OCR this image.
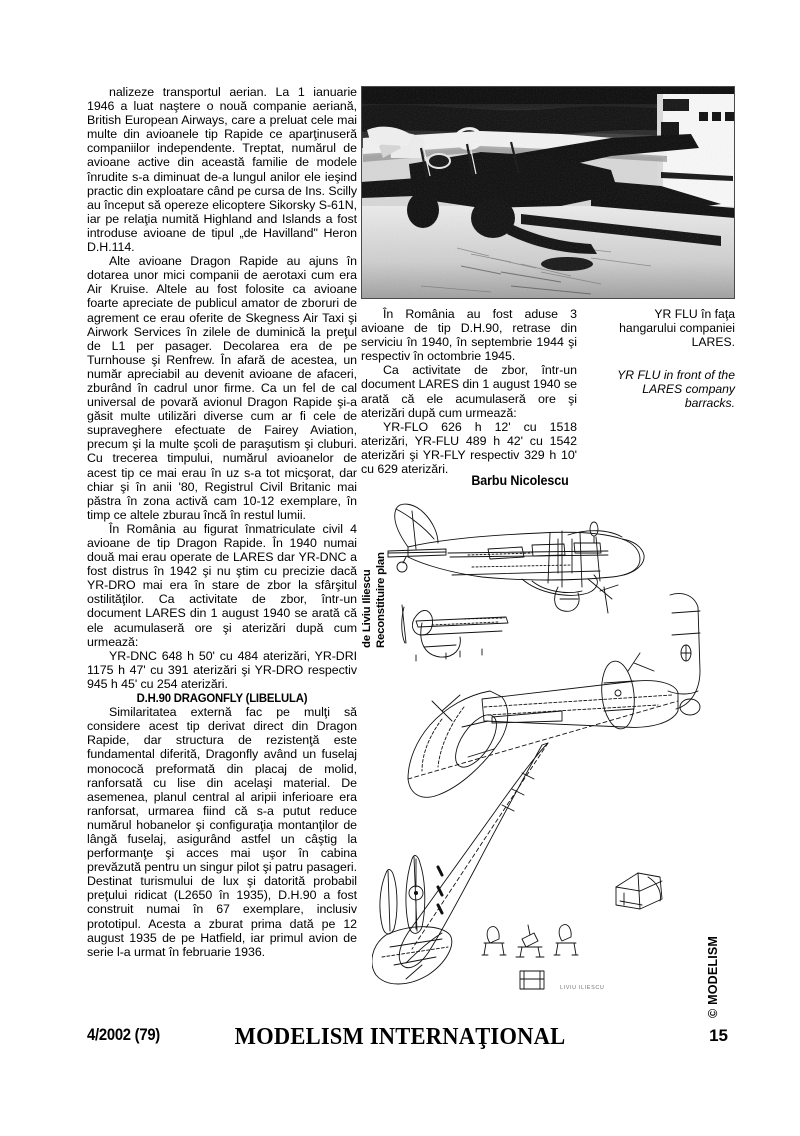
nalizeze transportul aerian. La 1 ianuarie 1946 a luat naştere o nouă companie aeriană, British European Airways, care a preluat cele mai multe din avioanele tip Rapide ce aparţinuseră companiilor independente. Treptat, numărul de avioane active din această familie de modele înrudite s-a diminuat de-a lungul anilor ele ieşind practic din exploatare când pe cursa de Ins. Scilly au început să opereze elicoptere Sikorsky S-61N, iar pe relaţia numită Highland and Islands a fost introduse avioane de tipul „de Havilland" Heron D.H.114.

Alte avioane Dragon Rapide au ajuns în dotarea unor mici companii de aerotaxi cum era Air Kruise. Altele au fost folosite ca avioane foarte apreciate de publicul amator de zboruri de agrement ce erau oferite de Skegness Air Taxi şi Airwork Services în zilele de duminică la preţul de L1 per pasager. Decolarea era de pe Turnhouse şi Renfrew. În afară de acestea, un număr apreciabil au devenit avioane de afaceri, zburând în cadrul unor firme. Ca un fel de cal universal de povară avionul Dragon Rapide şi-a găsit multe utilizări diverse cum ar fi cele de supraveghere efectuate de Fairey Aviation, precum şi la multe şcoli de paraşutism şi cluburi. Cu trecerea timpului, numărul avioanelor de acest tip ce mai erau în uz s-a tot micşorat, dar chiar şi în anii '80, Registrul Civil Britanic mai păstra în zona activă cam 10-12 exemplare, în timp ce altele zburau încă în restul lumii.

În România au figurat înmatriculate civil 4 avioane de tip Dragon Rapide. În 1940 numai două mai erau operate de LARES dar YR-DNC a fost distrus în 1942 şi nu ştim cu precizie dacă YR-DRO mai era în stare de zbor la sfârşitul ostilităţilor. Ca activitate de zbor, într-un document LARES din 1 august 1940 se arată că ele acumulaseră ore şi aterizări după cum urmează:

YR-DNC 648 h 50' cu 484 aterizări, YR-DRI 1175 h 47' cu 391 aterizări şi YR-DRO respectiv 945 h 45' cu 254 aterizări.

D.H.90 DRAGONFLY (LIBELULA)

Similaritatea externă fac pe mulţi să considere acest tip derivat direct din Dragon Rapide, dar structura de rezistenţă este fundamental diferită, Dragonfly având un fuselaj monococă preformată din placaj de molid, ranforsată cu lise din acelaşi material. De asemenea, planul central al aripii inferioare era ranforsat, urmarea fiind că s-a putut reduce numărul hobanelor şi configuraţia montanţilor de lângă fuselaj, asigurând astfel un câştig la performanţe şi acces mai uşor în cabina prevăzută pentru un singur pilot şi patru pasageri. Destinat turismului de lux şi datorită probabil preţului ridicat (L2650 în 1935), D.H.90 a fost construit numai în 67 exemplare, inclusiv prototipul. Acesta a zburat prima dată pe 12 august 1935 de pe Hatfield, iar primul avion de serie l-a urmat în februarie 1936.

În România au fost aduse 3 avioane de tip D.H.90, retrase din serviciu în 1940, în septembrie 1944 şi respectiv în octombrie 1945.

Ca activitate de zbor, într-un document LARES din 1 august 1940 se arată că ele acumulaseră ore şi aterizări după cum urmează:

YR-FLO 626 h 12' cu 1518 aterizări, YR-FLU 489 h 42' cu 1542 aterizări şi YR-FLY respectiv 329 h 10' cu 629 aterizări.

YR FLU în faţa hangarului companiei LARES.

YR FLU in front of the LARES company barracks.

Barbu Nicolescu
Reconstituire plan
de Liviu Iliescu
LIVIU ILIESCU	© MODELISM
4/2002 (79)	MODELISM INTERNAŢIONAL	15
